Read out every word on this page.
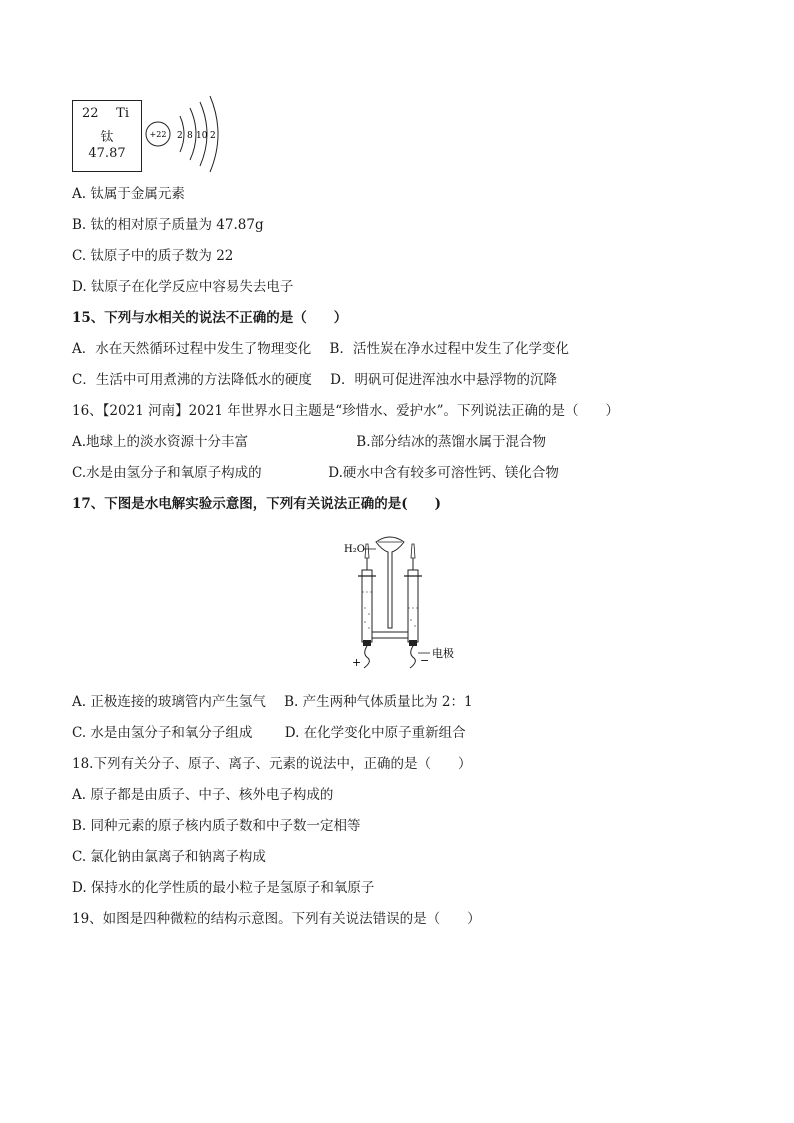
22 Ti
钛
47.87
+22 2 8 10 2
A. 钛属于金属元素
B. 钛的相对原子质量为 47.87g
C. 钛原子中的质子数为 22
D. 钛原子在化学反应中容易失去电子
15、下列与水相关的说法不正确的是（　　）
A．水在天然循环过程中发生了物理变化 B．活性炭在净水过程中发生了化学变化
C．生活中可用煮沸的方法降低水的硬度 D．明矾可促进浑浊水中悬浮物的沉降
16、【2021 河南】2021 年世界水日主题是“珍惜水、爱护水”。下列说法正确的是（　　）
A.地球上的淡水资源十分丰富	B.部分结冰的蒸馏水属于混合物
C.水是由氢分子和氧原子构成的	D.硬水中含有较多可溶性钙、镁化合物
17、下图是水电解实验示意图，下列有关说法正确的是(　　)
H₂O
+	−
电极
A. 正极连接的玻璃管内产生氢气 B. 产生两种气体质量比为 2：1
C. 水是由氢分子和氧分子组成 D. 在化学变化中原子重新组合
18.下列有关分子、原子、离子、元素的说法中，正确的是（　　）
A. 原子都是由质子、中子、核外电子构成的
B. 同种元素的原子核内质子数和中子数一定相等
C. 氯化钠由氯离子和钠离子构成
D. 保持水的化学性质的最小粒子是氢原子和氧原子
19、如图是四种微粒的结构示意图。下列有关说法错误的是（　　）
